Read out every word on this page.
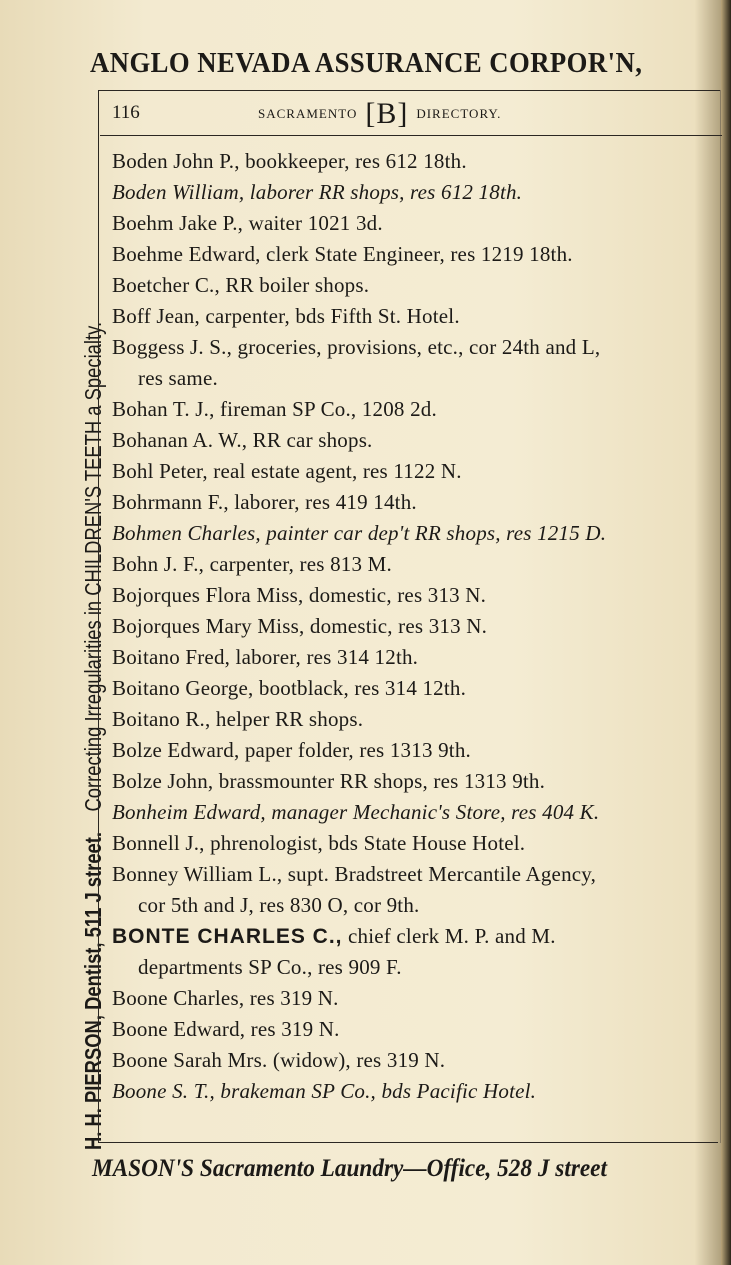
ANGLO NEVADA ASSURANCE CORPOR'N,
H. H. PIERSON, Dentist, 511 J street.    Correcting Irregularities in CHILDREN'S TEETH a Specialty.
116	SACRAMENTO [B] DIRECTORY.
Boden John P., bookkeeper, res 612 18th.
Boden William, laborer RR shops, res 612 18th.
Boehm Jake P., waiter 1021 3d.
Boehme Edward, clerk State Engineer, res 1219 18th.
Boetcher C., RR boiler shops.
Boff Jean, carpenter, bds Fifth St. Hotel.
Boggess J. S., groceries, provisions, etc., cor 24th and L,
res same.
Bohan T. J., fireman SP Co., 1208 2d.
Bohanan A. W., RR car shops.
Bohl Peter, real estate agent, res 1122 N.
Bohrmann F., laborer, res 419 14th.
Bohmen Charles, painter car dep't RR shops, res 1215 D.
Bohn J. F., carpenter, res 813 M.
Bojorques Flora Miss, domestic, res 313 N.
Bojorques Mary Miss, domestic, res 313 N.
Boitano Fred, laborer, res 314 12th.
Boitano George, bootblack, res 314 12th.
Boitano R., helper RR shops.
Bolze Edward, paper folder, res 1313 9th.
Bolze John, brassmounter RR shops, res 1313 9th.
Bonheim Edward, manager Mechanic's Store, res 404 K.
Bonnell J., phrenologist, bds State House Hotel.
Bonney William L., supt. Bradstreet Mercantile Agency,
cor 5th and J, res 830 O, cor 9th.
BONTE CHARLES C., chief clerk M. P. and M.
departments SP Co., res 909 F.
Boone Charles, res 319 N.
Boone Edward, res 319 N.
Boone Sarah Mrs. (widow), res 319 N.
Boone S. T., brakeman SP Co., bds Pacific Hotel.
MASON'S Sacramento Laundry—Office, 528 J street
